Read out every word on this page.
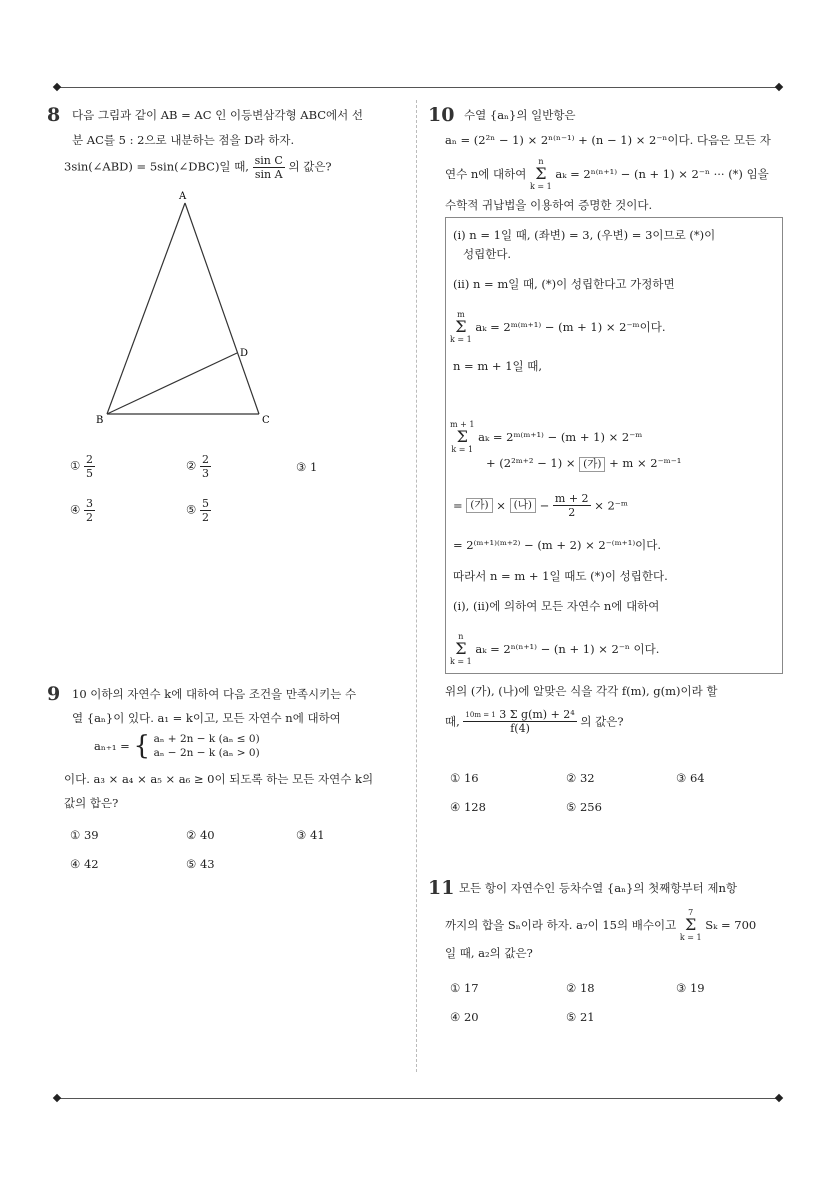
8 다음 그림과 같이 AB = AC 인 이등변삼각형 ABC에서 선
분 AC를 5 : 2으로 내분하는 점을 D라 하자.
3sin(∠ABD) = 5sin(∠DBC)일 때, $\frac{\text{sin C}}{\text{sin A}}$ 의 값은?
A
B	C
D
① $\frac{2}{5}$	② $\frac{2}{3}$	③ 1
④ $\frac{3}{2}$	⑤ $\frac{5}{2}$
9 10 이하의 자연수 k에 대하여 다음 조건을 만족시키는 수
열 {aₙ}이 있다. a₁ = k이고, 모든 자연수 n에 대하여
aₙ₊₁ = { aₙ + 2n − k (aₙ ≤ 0)
aₙ − 2n − k (aₙ > 0)
이다. a₃ × a₄ × a₅ × a₆ ≥ 0이 되도록 하는 모든 자연수 k의
값의 합은?
① 39	② 40	③ 41
④ 42	⑤ 43
10 수열 {aₙ}의 일반항은
aₙ = (2²ⁿ − 1) × 2ⁿ⁽ⁿ⁻¹⁾ + (n − 1) × 2⁻ⁿ이다. 다음은 모든 자
연수 n에 대하여 n
Σ
k = 1 aₖ = 2ⁿ⁽ⁿ⁺¹⁾ − (n + 1) × 2⁻ⁿ ··· (*) 임을
수학적 귀납법을 이용하여 증명한 것이다.
(i) n = 1일 때, (좌변) = 3, (우변) = 3이므로 (*)이
성립한다.
(ii) n = m일 때, (*)이 성립한다고 가정하면
m
Σ
k = 1 aₖ = 2ᵐ⁽ᵐ⁺¹⁾ − (m + 1) × 2⁻ᵐ이다.
n = m + 1일 때,
m + 1
Σ
k = 1 aₖ = 2ᵐ⁽ᵐ⁺¹⁾ − (m + 1) × 2⁻ᵐ
+ (2²ᵐ⁺² − 1) × (가) + m × 2⁻ᵐ⁻¹
= (가) × (나) − $\frac{m + 2}{2}$ × 2⁻ᵐ
= 2⁽ᵐ⁺¹⁾⁽ᵐ⁺²⁾ − (m + 2) × 2⁻⁽ᵐ⁺¹⁾이다.
따라서 n = m + 1일 때도 (*)이 성립한다.
(i), (ii)에 의하여 모든 자연수 n에 대하여
n
Σ
k = 1 aₖ = 2ⁿ⁽ⁿ⁺¹⁾ − (n + 1) × 2⁻ⁿ 이다.
위의 (가), (나)에 알맞은 식을 각각 f(m), g(m)이라 할
때, $\frac{\text{10m = 1 3 Σ g(m) + 2⁴}}{f(4)}$ 의 값은?
① 16	② 32	③ 64
④ 128	⑤ 256
11 모든 항이 자연수인 등차수열 {aₙ}의 첫째항부터 제n항
까지의 합을 Sₙ이라 하자. a₇이 15의 배수이고 7
Σ
k = 1 Sₖ = 700
일 때, a₂의 값은?
① 17	② 18	③ 19
④ 20	⑤ 21
